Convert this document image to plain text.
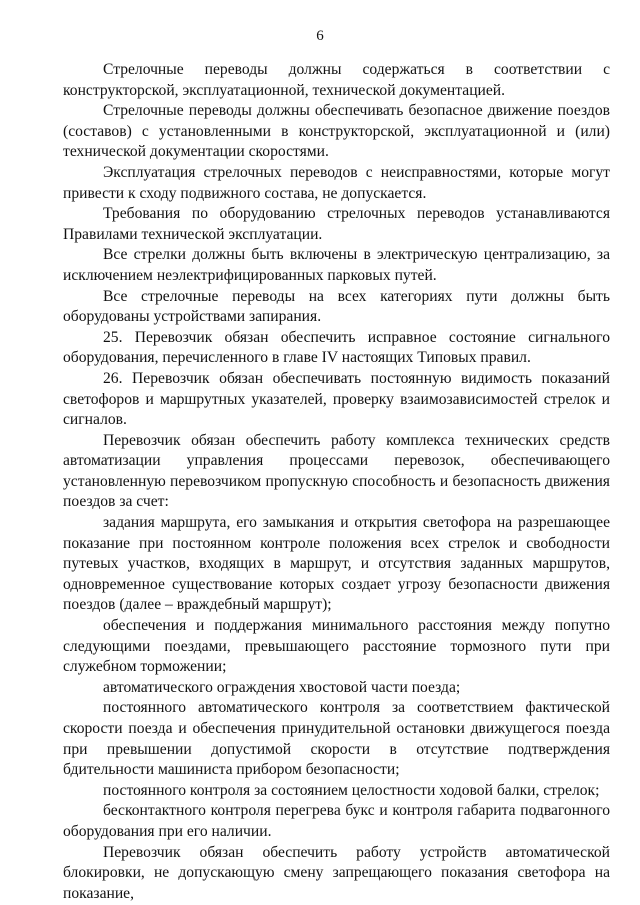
6

Стрелочные переводы должны содержаться в соответствии с конструкторской, эксплуатационной, технической документацией.

Стрелочные переводы должны обеспечивать безопасное движение поездов (составов) с установленными в конструкторской, эксплуатационной и (или) технической документации скоростями.

Эксплуатация стрелочных переводов с неисправностями, которые могут привести к сходу подвижного состава, не допускается.

Требования по оборудованию стрелочных переводов устанавливаются Правилами технической эксплуатации.

Все стрелки должны быть включены в электрическую централизацию, за исключением неэлектрифицированных парковых путей.

Все стрелочные переводы на всех категориях пути должны быть оборудованы устройствами запирания.

25. Перевозчик обязан обеспечить исправное состояние сигнального оборудования, перечисленного в главе IV настоящих Типовых правил.

26. Перевозчик обязан обеспечивать постоянную видимость показаний светофоров и маршрутных указателей, проверку взаимозависимостей стрелок и сигналов.

Перевозчик обязан обеспечить работу комплекса технических средств автоматизации управления процессами перевозок, обеспечивающего установленную перевозчиком пропускную способность и безопасность движения поездов за счет:

задания маршрута, его замыкания и открытия светофора на разрешающее показание при постоянном контроле положения всех стрелок и свободности путевых участков, входящих в маршрут, и отсутствия заданных маршрутов, одновременное существование которых создает угрозу безопасности движения поездов (далее – враждебный маршрут);

обеспечения и поддержания минимального расстояния между попутно следующими поездами, превышающего расстояние тормозного пути при служебном торможении;

автоматического ограждения хвостовой части поезда;

постоянного автоматического контроля за соответствием фактической скорости поезда и обеспечения принудительной остановки движущегося поезда при превышении допустимой скорости в отсутствие подтверждения бдительности машиниста прибором безопасности;

постоянного контроля за состоянием целостности ходовой балки, стрелок;

бесконтактного контроля перегрева букс и контроля габарита подвагонного оборудования при его наличии.

Перевозчик обязан обеспечить работу устройств автоматической блокировки, не допускающую смену запрещающего показания светофора на показание,
